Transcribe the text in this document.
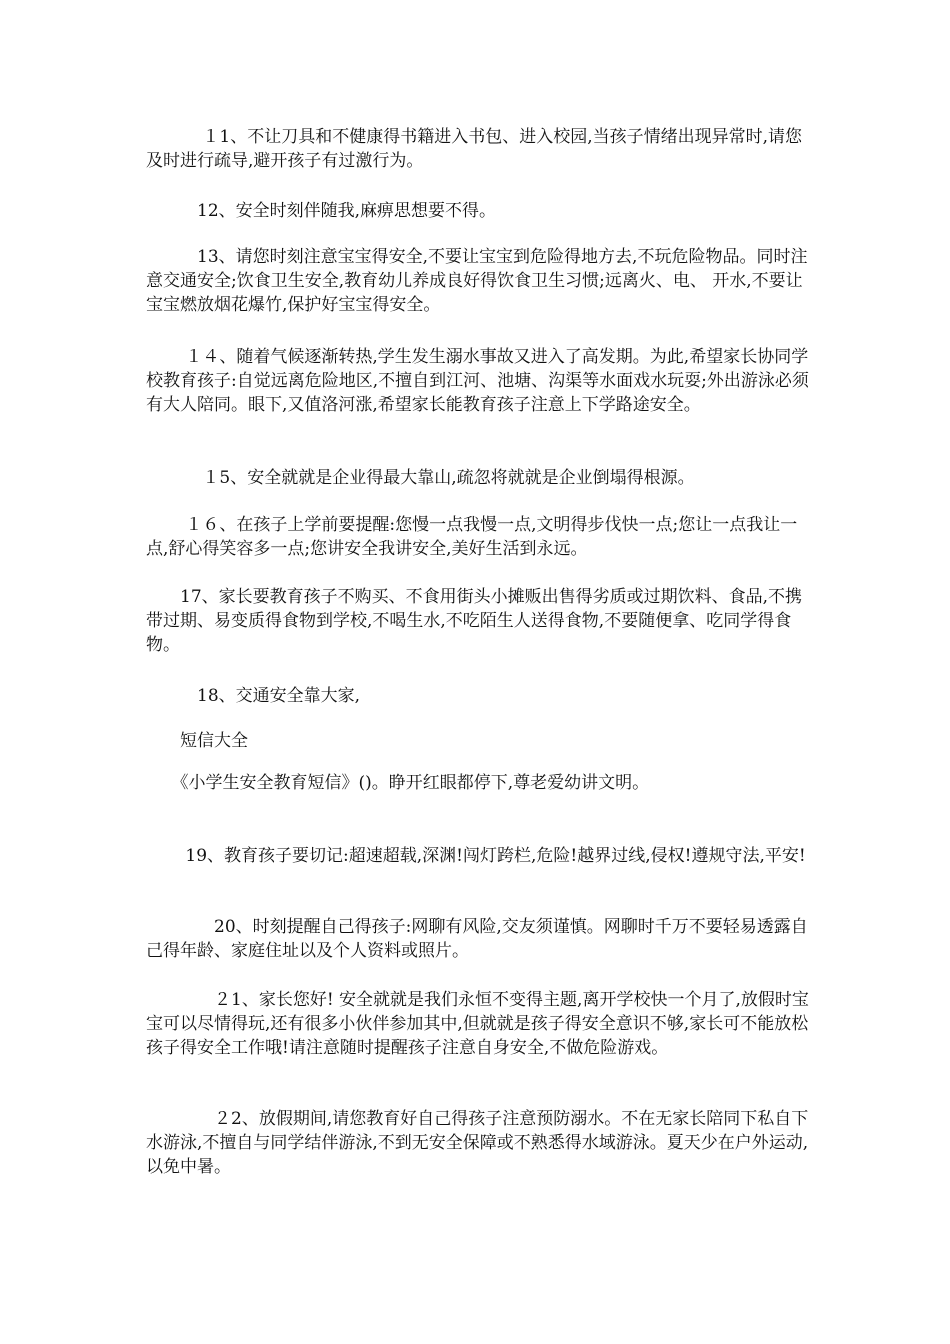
　　　 １1、不让刀具和不健康得书籍进入书包、进入校园,当孩子情绪出现异常时,请您及时进行疏导,避开孩子有过激行为。

　　　12、安全时刻伴随我,麻痹思想要不得。

　　　13、请您时刻注意宝宝得安全,不要让宝宝到危险得地方去,不玩危险物品。同时注意交通安全;饮食卫生安全,教育幼儿养成良好得饮食卫生习惯;远离火、电、 开水,不要让宝宝燃放烟花爆竹,保护好宝宝得安全。

　　 １４、随着气候逐渐转热,学生发生溺水事故又进入了高发期。为此,希望家长协同学校教育孩子:自觉远离危险地区,不擅自到江河、池塘、沟渠等水面戏水玩耍;外出游泳必须有大人陪同。眼下,又值洛河涨,希望家长能教育孩子注意上下学路途安全。

　　　 １5、安全就就是企业得最大靠山,疏忽将就就是企业倒塌得根源。

　　 １６、在孩子上学前要提醒:您慢一点我慢一点,文明得步伐快一点;您让一点我让一点,舒心得笑容多一点;您讲安全我讲安全,美好生活到永远。

　　17、家长要教育孩子不购买、不食用街头小摊贩出售得劣质或过期饮料、食品,不携带过期、易变质得食物到学校,不喝生水,不吃陌生人送得食物,不要随便拿、吃同学得食物。

　　　18、交通安全靠大家,

　　短信大全

　　《小学生安全教育短信》()。睁开红眼都停下,尊老爱幼讲文明。

　　 19、教育孩子要切记:超速超载,深渊!闯灯跨栏,危险!越界过线,侵权!遵规守法,平安!

　　　　20、时刻提醒自己得孩子:网聊有风险,交友须谨慎。网聊时千万不要轻易透露自己得年龄、家庭住址以及个人资料或照片。

　　　　２1、家长您好! 安全就就是我们永恒不变得主题,离开学校快一个月了,放假时宝宝可以尽情得玩,还有很多小伙伴参加其中,但就就是孩子得安全意识不够,家长可不能放松孩子得安全工作哦!请注意随时提醒孩子注意自身安全,不做危险游戏。

　　　　２2、放假期间,请您教育好自己得孩子注意预防溺水。不在无家长陪同下私自下水游泳,不擅自与同学结伴游泳,不到无安全保障或不熟悉得水域游泳。夏天少在户外运动,以免中暑。
